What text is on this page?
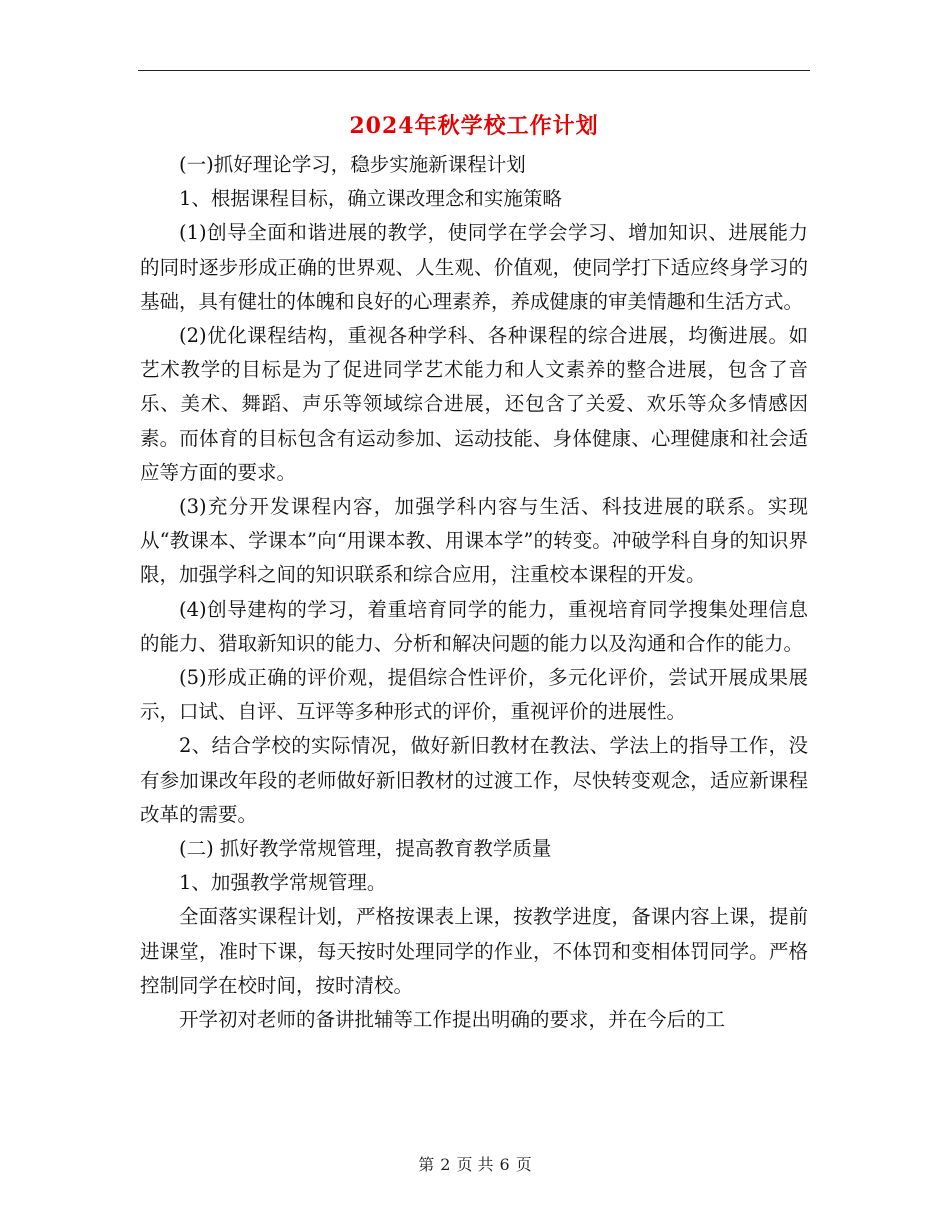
2024年秋学校工作计划

(一)抓好理论学习，稳步实施新课程计划

1、根据课程目标，确立课改理念和实施策略

(1)创导全面和谐进展的教学，使同学在学会学习、增加知识、进展能力的同时逐步形成正确的世界观、人生观、价值观，使同学打下适应终身学习的基础，具有健壮的体魄和良好的心理素养，养成健康的审美情趣和生活方式。

(2)优化课程结构，重视各种学科、各种课程的综合进展，均衡进展。如艺术教学的目标是为了促进同学艺术能力和人文素养的整合进展，包含了音乐、美术、舞蹈、声乐等领域综合进展，还包含了关爱、欢乐等众多情感因素。而体育的目标包含有运动参加、运动技能、身体健康、心理健康和社会适应等方面的要求。

(3)充分开发课程内容，加强学科内容与生活、科技进展的联系。实现从“教课本、学课本”向“用课本教、用课本学”的转变。冲破学科自身的知识界限，加强学科之间的知识联系和综合应用，注重校本课程的开发。

(4)创导建构的学习，着重培育同学的能力，重视培育同学搜集处理信息的能力、猎取新知识的能力、分析和解决问题的能力以及沟通和合作的能力。

(5)形成正确的评价观，提倡综合性评价，多元化评价，尝试开展成果展示，口试、自评、互评等多种形式的评价，重视评价的进展性。

2、结合学校的实际情况，做好新旧教材在教法、学法上的指导工作，没有参加课改年段的老师做好新旧教材的过渡工作，尽快转变观念，适应新课程改革的需要。

(二) 抓好教学常规管理，提高教育教学质量

1、加强教学常规管理。

全面落实课程计划，严格按课表上课，按教学进度，备课内容上课，提前进课堂，准时下课，每天按时处理同学的作业，不体罚和变相体罚同学。严格控制同学在校时间，按时清校。

开学初对老师的备讲批辅等工作提出明确的要求，并在今后的工

第 2 页 共 6 页
